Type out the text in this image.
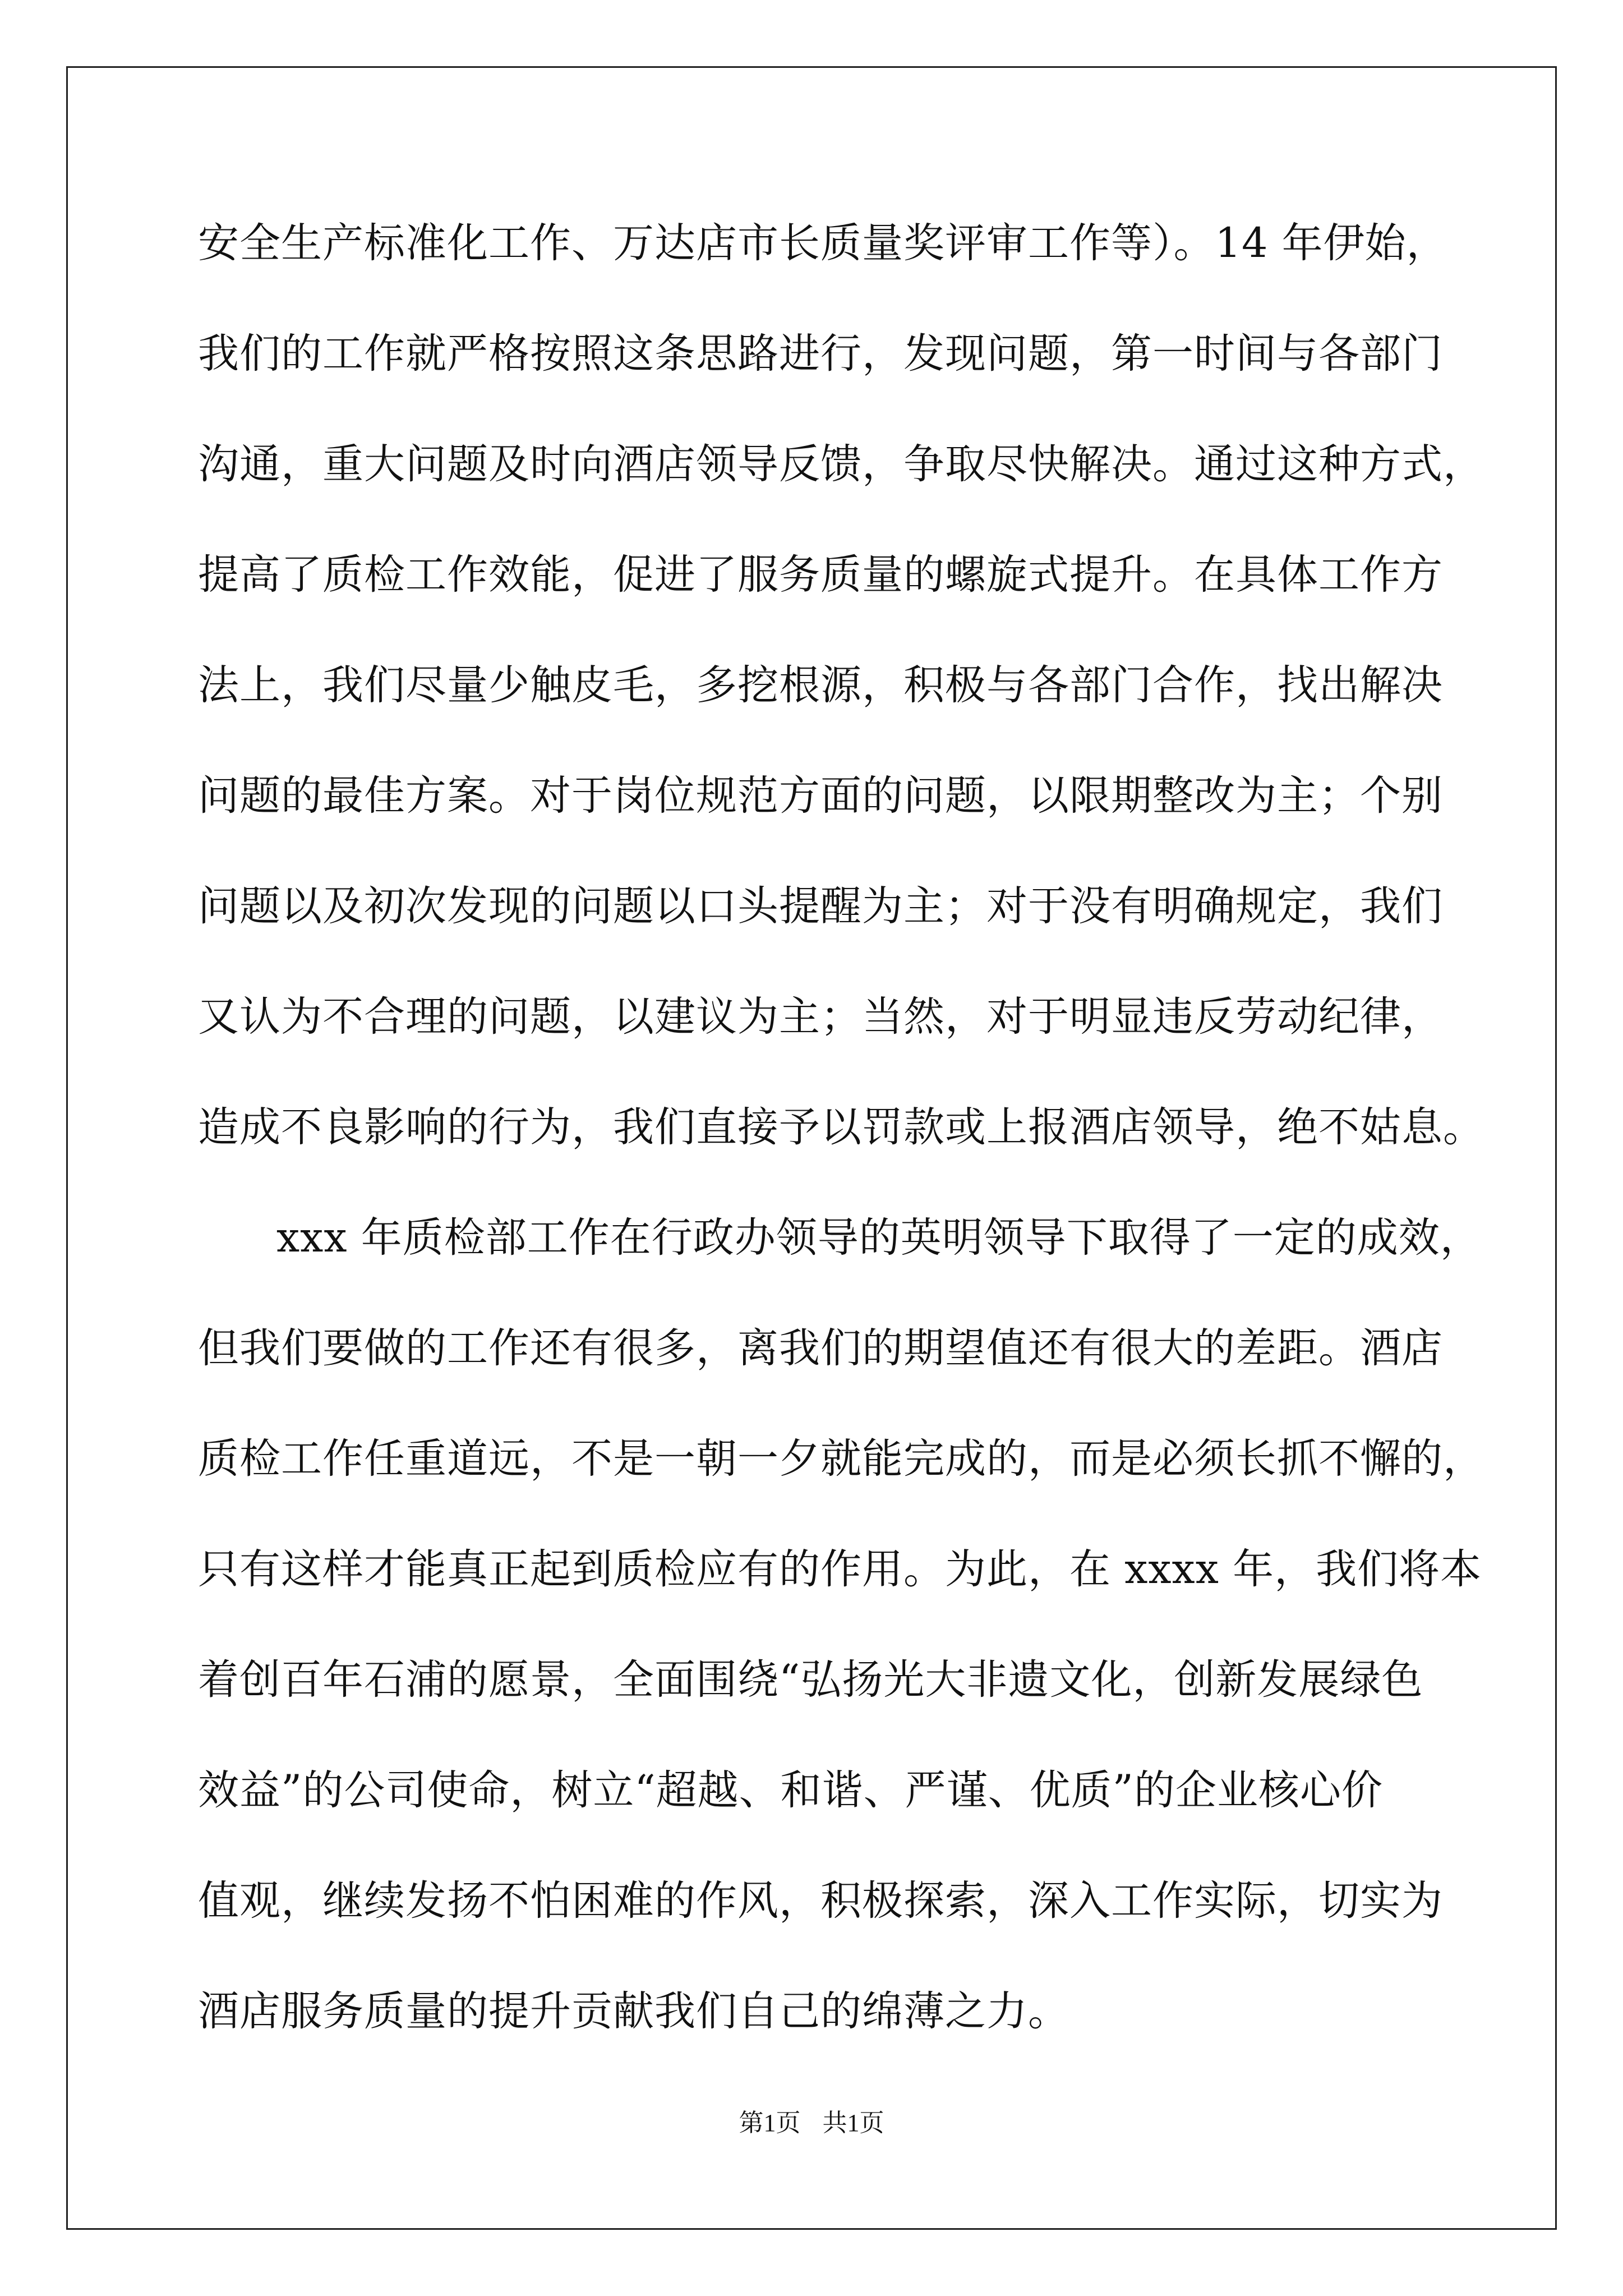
安全生产标准化工作、万达店市长质量奖评审工作等）。14 年伊始，
我们的工作就严格按照这条思路进行，发现问题，第一时间与各部门
沟通，重大问题及时向酒店领导反馈，争取尽快解决。通过这种方式，
提高了质检工作效能，促进了服务质量的螺旋式提升。在具体工作方
法上，我们尽量少触皮毛，多挖根源，积极与各部门合作，找出解决
问题的最佳方案。对于岗位规范方面的问题，以限期整改为主；个别
问题以及初次发现的问题以口头提醒为主；对于没有明确规定，我们
又认为不合理的问题，以建议为主；当然，对于明显违反劳动纪律，
造成不良影响的行为，我们直接予以罚款或上报酒店领导，绝不姑息。
xxx 年质检部工作在行政办领导的英明领导下取得了一定的成效，
但我们要做的工作还有很多，离我们的期望值还有很大的差距。酒店
质检工作任重道远，不是一朝一夕就能完成的，而是必须长抓不懈的，
只有这样才能真正起到质检应有的作用。为此，在 xxxx 年，我们将本
着创百年石浦的愿景，全面围绕“弘扬光大非遗文化，创新发展绿色
效益”的公司使命，树立“超越、和谐、严谨、优质”的企业核心价
值观，继续发扬不怕困难的作风，积极探索，深入工作实际，切实为
酒店服务质量的提升贡献我们自己的绵薄之力。
第1页 共1页
